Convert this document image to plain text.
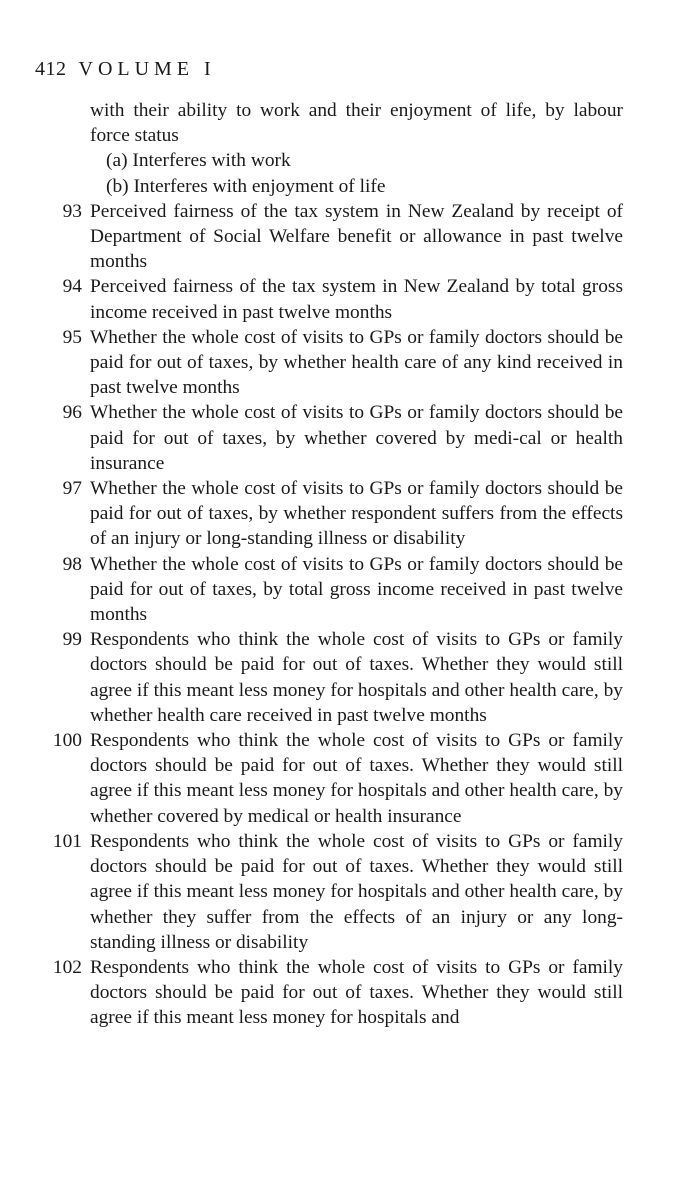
412 VOLUME I

with their ability to work and their enjoyment of life, by labour force status

(a) Interferes with work
(b) Interferes with enjoyment of life
93 Perceived fairness of the tax system in New Zealand by receipt of Department of Social Welfare benefit or allowance in past twelve months

94 Perceived fairness of the tax system in New Zealand by total gross income received in past twelve months

95 Whether the whole cost of visits to GPs or family doctors should be paid for out of taxes, by whether health care of any kind received in past twelve months

96 Whether the whole cost of visits to GPs or family doctors should be paid for out of taxes, by whether covered by medi-cal or health insurance

97 Whether the whole cost of visits to GPs or family doctors should be paid for out of taxes, by whether respondent suffers from the effects of an injury or long-standing illness or disability

98 Whether the whole cost of visits to GPs or family doctors should be paid for out of taxes, by total gross income received in past twelve months

99 Respondents who think the whole cost of visits to GPs or family doctors should be paid for out of taxes. Whether they would still agree if this meant less money for hospitals and other health care, by whether health care received in past twelve months

100 Respondents who think the whole cost of visits to GPs or family doctors should be paid for out of taxes. Whether they would still agree if this meant less money for hospitals and other health care, by whether covered by medical or health insurance

101 Respondents who think the whole cost of visits to GPs or family doctors should be paid for out of taxes. Whether they would still agree if this meant less money for hospitals and other health care, by whether they suffer from the effects of an injury or any long-standing illness or disability

102 Respondents who think the whole cost of visits to GPs or family doctors should be paid for out of taxes. Whether they would still agree if this meant less money for hospitals and
